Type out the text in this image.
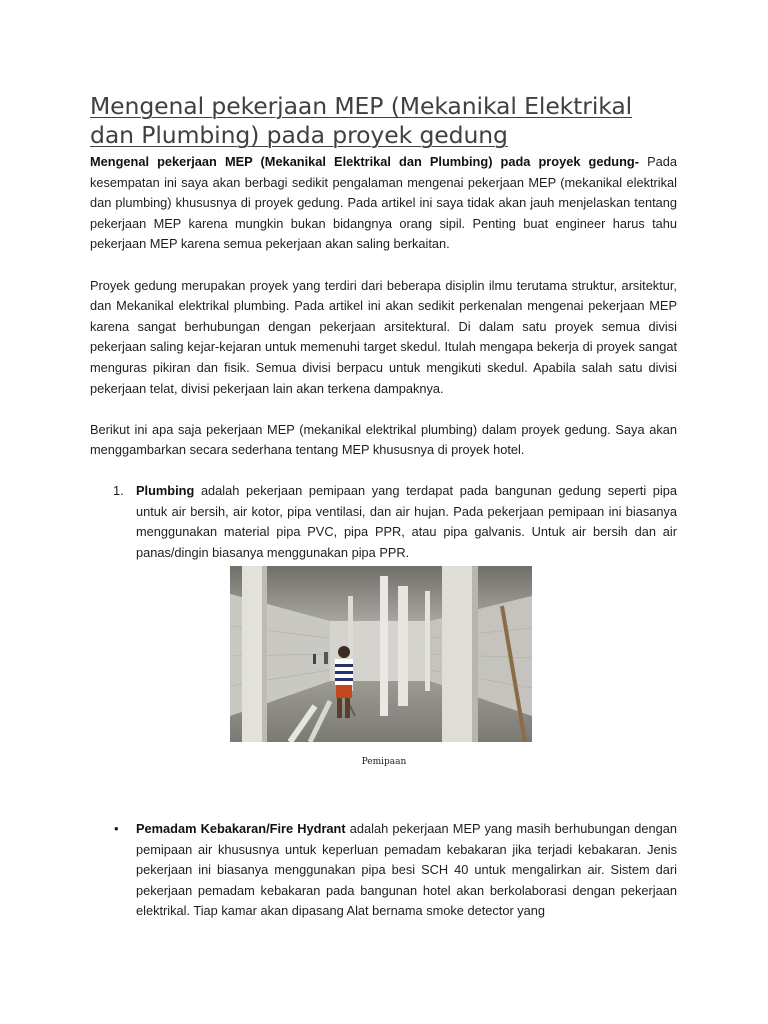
Mengenal pekerjaan MEP (Mekanikal Elektrikal dan Plumbing) pada proyek gedung

Mengenal pekerjaan MEP (Mekanikal Elektrikal dan Plumbing) pada proyek gedung- Pada kesempatan ini saya akan berbagi sedikit pengalaman mengenai pekerjaan MEP (mekanikal elektrikal dan plumbing) khususnya di proyek gedung. Pada artikel ini saya tidak akan jauh menjelaskan tentang pekerjaan MEP karena mungkin bukan bidangnya orang sipil. Penting buat engineer harus tahu pekerjaan MEP karena semua pekerjaan akan saling berkaitan.

Proyek gedung merupakan proyek yang terdiri dari beberapa disiplin ilmu terutama struktur, arsitektur, dan Mekanikal elektrikal plumbing. Pada artikel ini akan sedikit perkenalan mengenai pekerjaan MEP karena sangat berhubungan dengan pekerjaan arsitektural. Di dalam satu proyek semua divisi pekerjaan saling kejar-kejaran untuk memenuhi target skedul. Itulah mengapa bekerja di proyek sangat menguras pikiran dan fisik. Semua divisi berpacu untuk mengikuti skedul. Apabila salah satu divisi pekerjaan telat, divisi pekerjaan lain akan terkena dampaknya.

Berikut ini apa saja pekerjaan MEP (mekanikal elektrikal plumbing) dalam proyek gedung. Saya akan menggambarkan secara sederhana tentang MEP khususnya di proyek hotel.

1. Plumbing adalah pekerjaan pemipaan yang terdapat pada bangunan gedung seperti pipa untuk air bersih, air kotor, pipa ventilasi, dan air hujan. Pada pekerjaan pemipaan ini biasanya menggunakan material pipa PVC, pipa PPR, atau pipa galvanis. Untuk air bersih dan air panas/dingin biasanya menggunakan pipa PPR.

Pemipaan
• Pemadam Kebakaran/Fire Hydrant adalah pekerjaan MEP yang masih berhubungan dengan pemipaan air khususnya untuk keperluan pemadam kebakaran jika terjadi kebakaran. Jenis pekerjaan ini biasanya menggunakan pipa besi SCH 40 untuk mengalirkan air. Sistem dari pekerjaan pemadam kebakaran pada bangunan hotel akan berkolaborasi dengan pekerjaan elektrikal. Tiap kamar akan dipasang Alat bernama smoke detector yang
